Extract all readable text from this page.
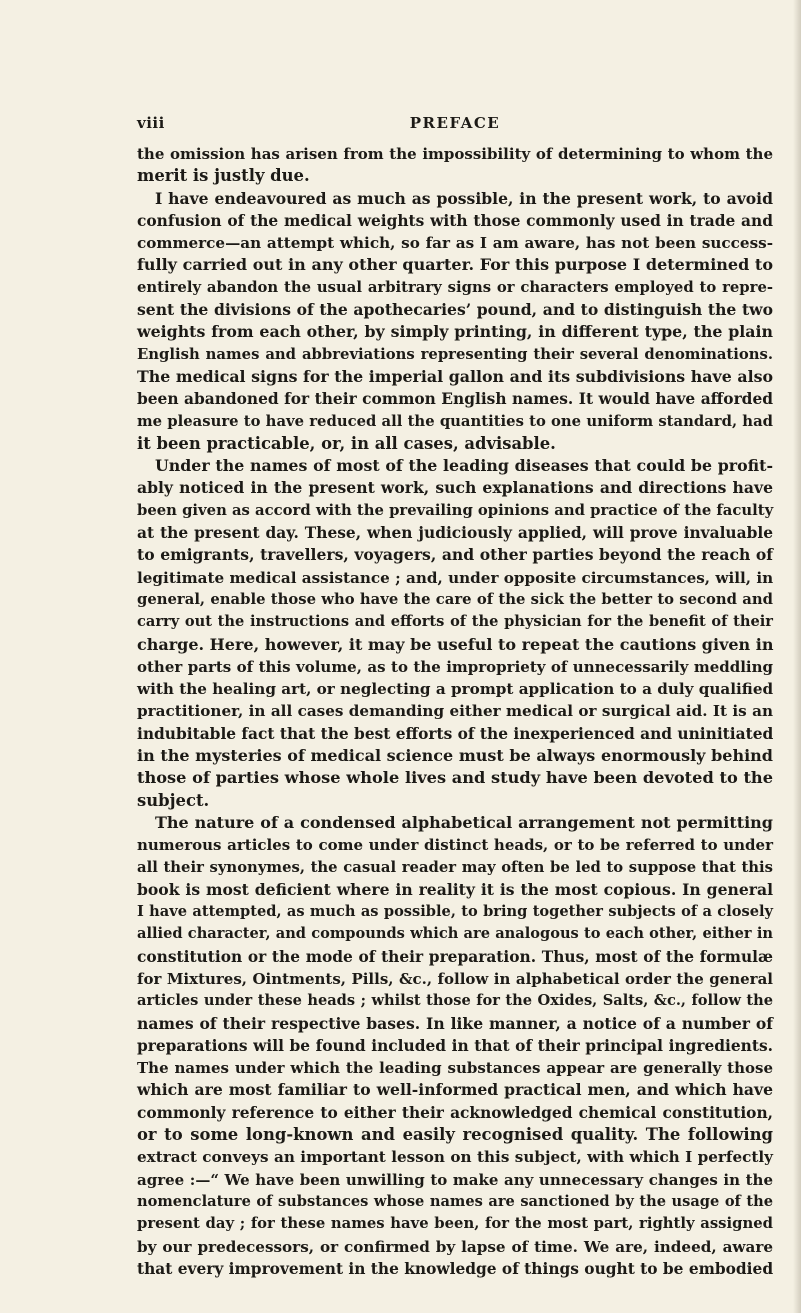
viii	PREFACE
the omission has arisen from the impossibility of determining to whom the
merit is justly due.
I have endeavoured as much as possible, in the present work, to avoid
confusion of the medical weights with those commonly used in trade and
commerce—an attempt which, so far as I am aware, has not been success-
fully carried out in any other quarter. For this purpose I determined to
entirely abandon the usual arbitrary signs or characters employed to repre-
sent the divisions of the apothecaries’ pound, and to distinguish the two
weights from each other, by simply printing, in different type, the plain
English names and abbreviations representing their several denominations.
The medical signs for the imperial gallon and its subdivisions have also
been abandoned for their common English names. It would have afforded
me pleasure to have reduced all the quantities to one uniform standard, had
it been practicable, or, in all cases, advisable.
Under the names of most of the leading diseases that could be profit-
ably noticed in the present work, such explanations and directions have
been given as accord with the prevailing opinions and practice of the faculty
at the present day. These, when judiciously applied, will prove invaluable
to emigrants, travellers, voyagers, and other parties beyond the reach of
legitimate medical assistance ; and, under opposite circumstances, will, in
general, enable those who have the care of the sick the better to second and
carry out the instructions and efforts of the physician for the benefit of their
charge. Here, however, it may be useful to repeat the cautions given in
other parts of this volume, as to the impropriety of unnecessarily meddling
with the healing art, or neglecting a prompt application to a duly qualified
practitioner, in all cases demanding either medical or surgical aid. It is an
indubitable fact that the best efforts of the inexperienced and uninitiated
in the mysteries of medical science must be always enormously behind
those of parties whose whole lives and study have been devoted to the
subject.
The nature of a condensed alphabetical arrangement not permitting
numerous articles to come under distinct heads, or to be referred to under
all their synonymes, the casual reader may often be led to suppose that this
book is most deficient where in reality it is the most copious. In general
I have attempted, as much as possible, to bring together subjects of a closely
allied character, and compounds which are analogous to each other, either in
constitution or the mode of their preparation. Thus, most of the formulæ
for Mixtures, Ointments, Pills, &c., follow in alphabetical order the general
articles under these heads ; whilst those for the Oxides, Salts, &c., follow the
names of their respective bases. In like manner, a notice of a number of
preparations will be found included in that of their principal ingredients.
The names under which the leading substances appear are generally those
which are most familiar to well-informed practical men, and which have
commonly reference to either their acknowledged chemical constitution,
or to some long-known and easily recognised quality. The following
extract conveys an important lesson on this subject, with which I perfectly
agree :—“ We have been unwilling to make any unnecessary changes in the
nomenclature of substances whose names are sanctioned by the usage of the
present day ; for these names have been, for the most part, rightly assigned
by our predecessors, or confirmed by lapse of time. We are, indeed, aware
that every improvement in the knowledge of things ought to be embodied
